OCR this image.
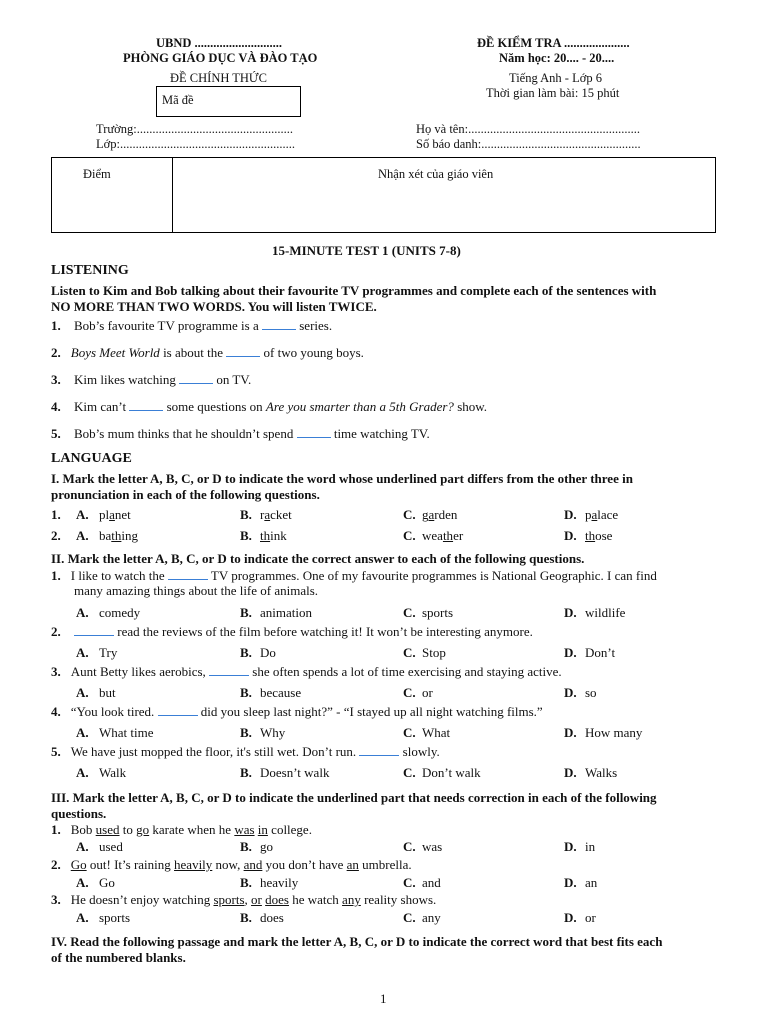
UBND ............................
PHÒNG GIÁO DỤC VÀ ĐÀO TẠO
ĐỀ CHÍNH THỨC
Mã đề
ĐỀ KIỂM TRA .....................
Năm học: 20.... - 20....
Tiếng Anh - Lớp 6
Thời gian làm bài: 15 phút
Trường:..................................................
Lớp:........................................................
Họ và tên:.......................................................
Số báo danh:...................................................
Điểm	Nhận xét của giáo viên
15-MINUTE TEST 1 (UNITS 7-8)
LISTENING
Listen to Kim and Bob talking about their favourite TV programmes and complete each of the sentences with
NO MORE THAN TWO WORDS. You will listen TWICE.
1. Bob’s favourite TV programme is a	series.
2. Boys Meet World is about the	of two young boys.
3. Kim likes watching	on TV.
4. Kim can’t	some questions on Are you smarter than a 5th Grader? show.
5. Bob’s mum thinks that he shouldn’t spend	time watching TV.
LANGUAGE
I. Mark the letter A, B, C, or D to indicate the word whose underlined part differs from the other three in
pronunciation in each of the following questions.
1. A. planet	B. racket	C. garden	D. palace
2. A. bathing	B. think	C. weather	D. those
II. Mark the letter A, B, C, or D to indicate the correct answer to each of the following questions.
1. I like to watch the	TV programmes. One of my favourite programmes is National Geographic. I can find
many amazing things about the life of animals.
2.	read the reviews of the film before watching it! It won’t be interesting anymore.
3. Aunt Betty likes aerobics,	she often spends a lot of time exercising and staying active.
4. “You look tired.	did you sleep last night?” - “I stayed up all night watching films.”
5. We have just mopped the floor, it's still wet. Don’t run.	slowly.
A. comedy	B. animation	C. sports	D. wildlife
A. Try	B. Do	C. Stop	D. Don’t
A. but	B. because	C. or	D. so
A. What time	B. Why	C. What	D. How many
A. Walk	B. Doesn’t walk	C. Don’t walk	D. Walks
III. Mark the letter A, B, C, or D to indicate the underlined part that needs correction in each of the following
questions.
1. Bob used to go karate when he was in college.
A. used	B. go	C. was	D. in
2. Go out! It’s raining heavily now, and you don’t have an umbrella.
A. Go	B. heavily	C. and	D. an
3. He doesn’t enjoy watching sports, or does he watch any reality shows.
A. sports	B. does	C. any	D. or
IV. Read the following passage and mark the letter A, B, C, or D to indicate the correct word that best fits each
of the numbered blanks.
1
